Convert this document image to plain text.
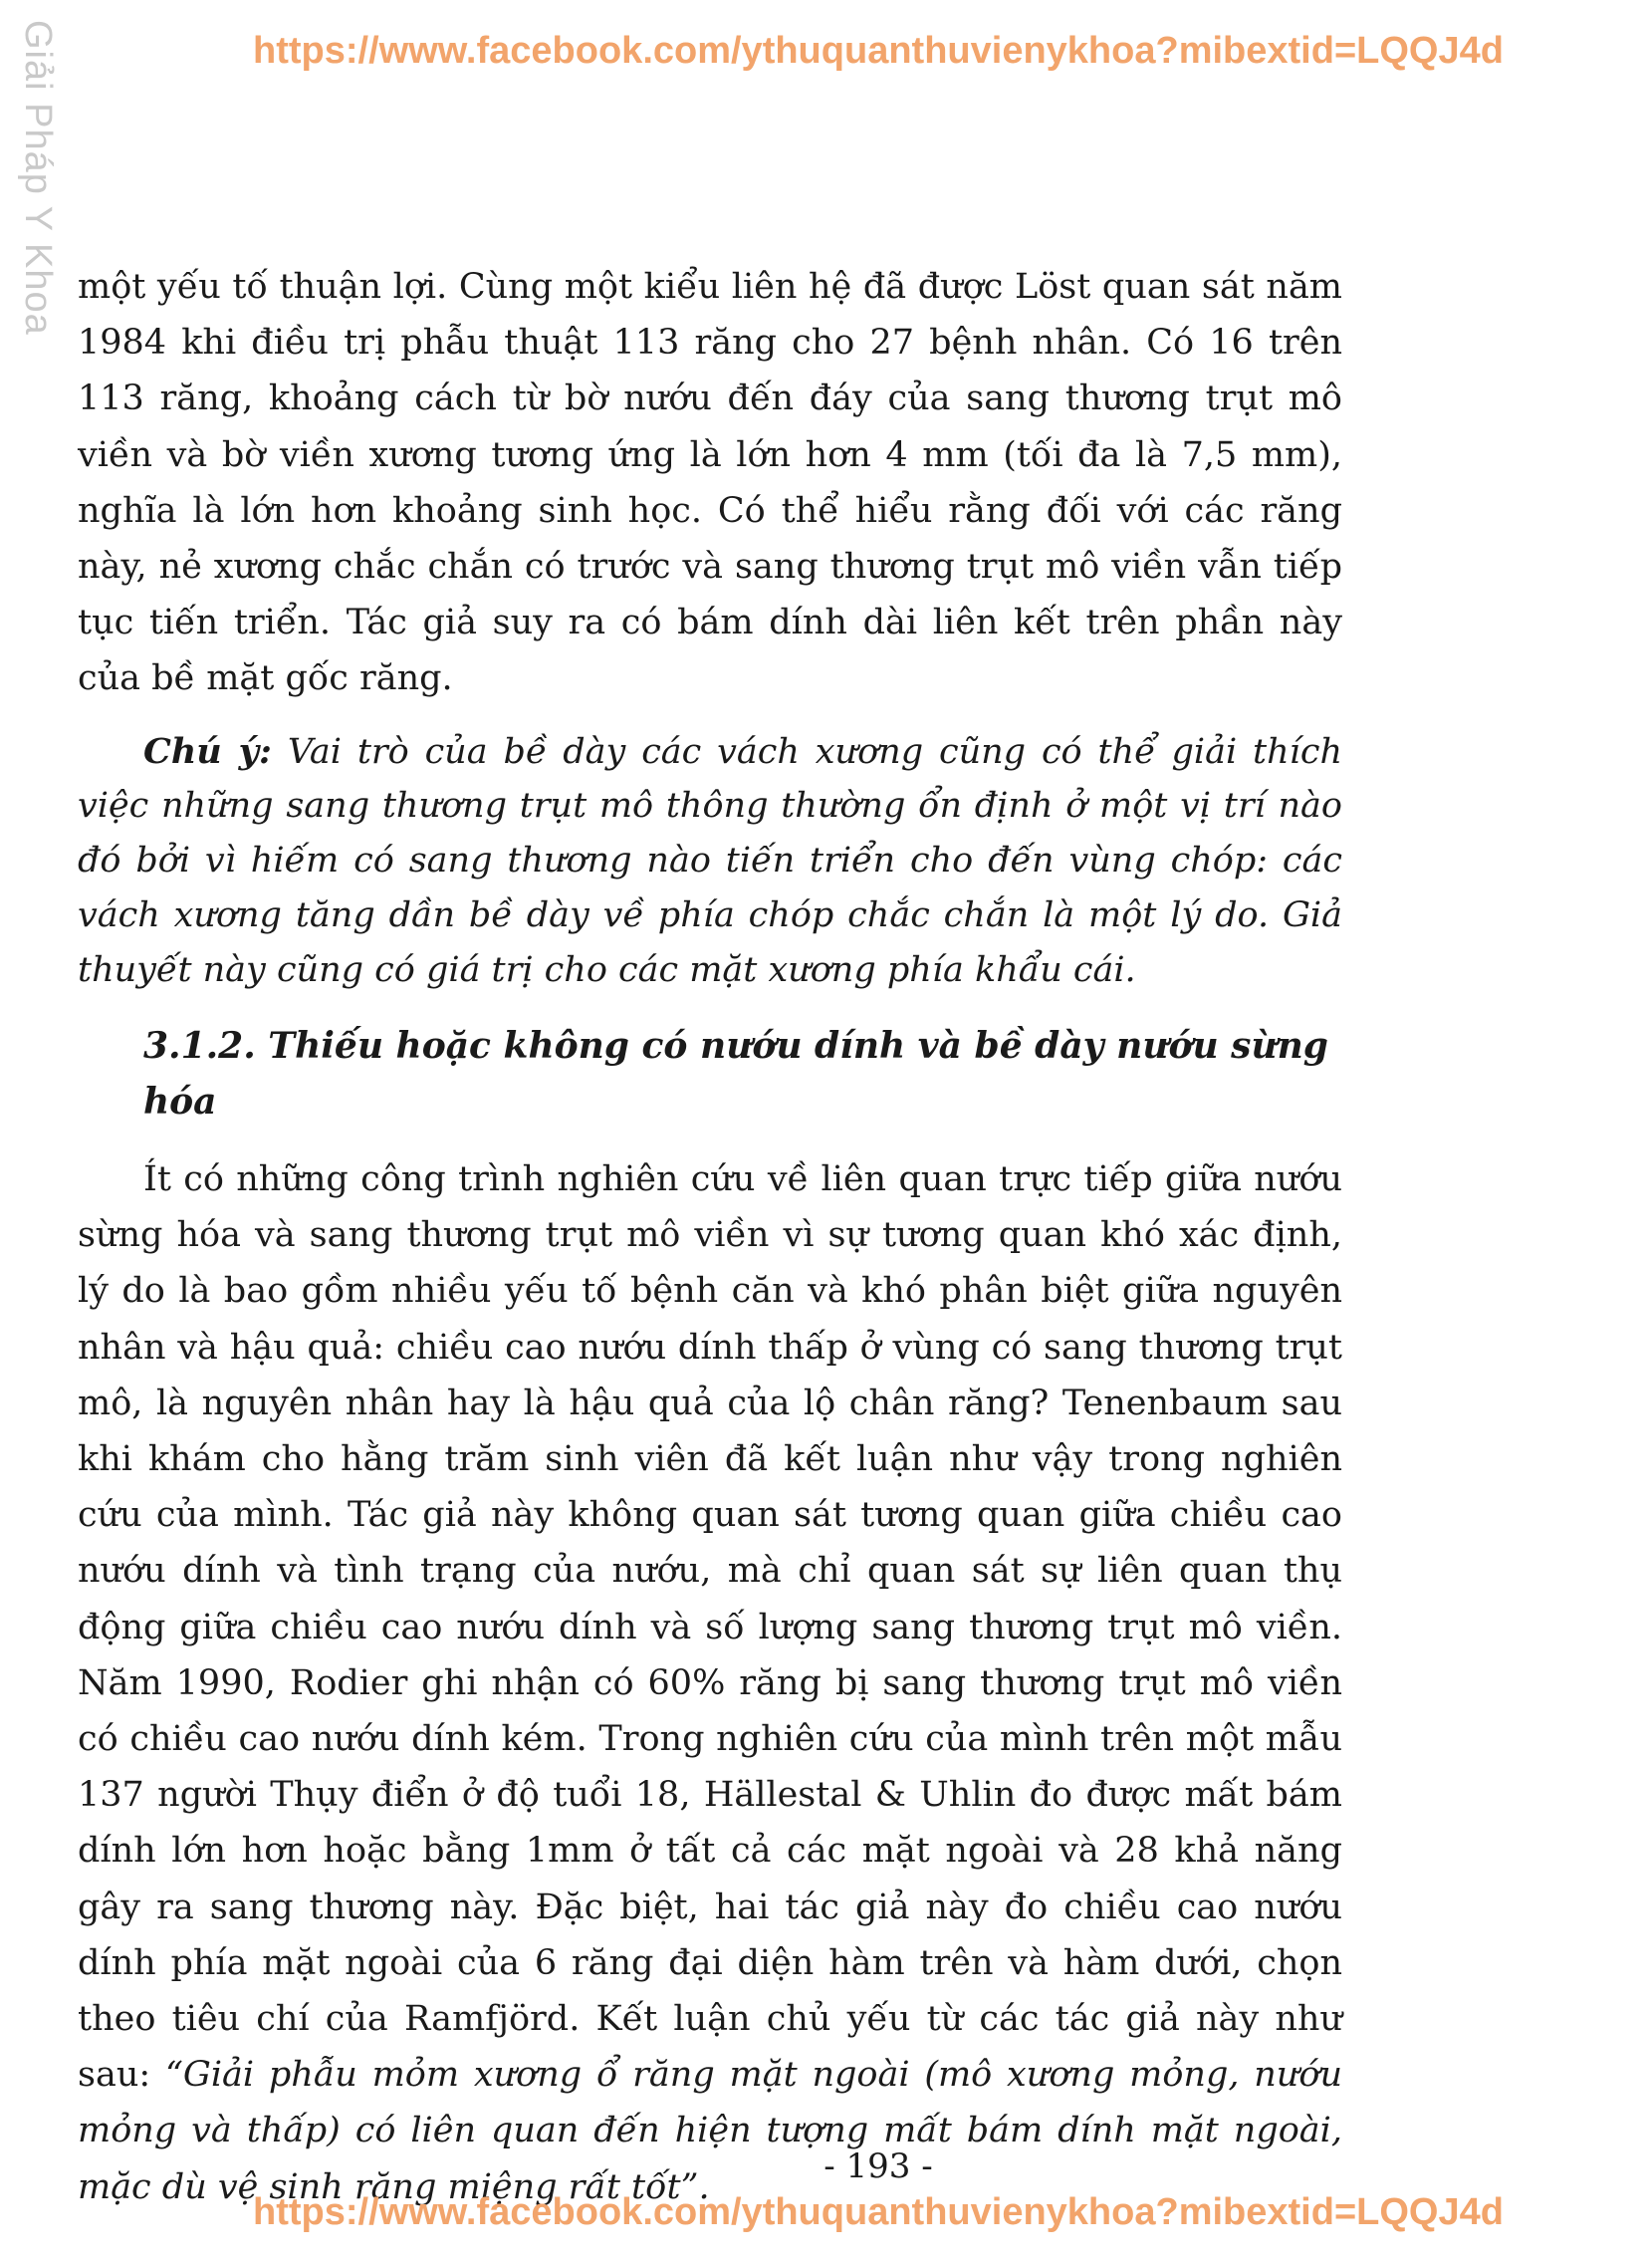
Giải Pháp Y Khoa	https://www.facebook.com/ythuquanthuvienykhoa?mibextid=LQQJ4d

một yếu tố thuận lợi. Cùng một kiểu liên hệ đã được Löst quan sát năm 1984 khi điều trị phẫu thuật 113 răng cho 27 bệnh nhân. Có 16 trên 113 răng, khoảng cách từ bờ nướu đến đáy của sang thương trụt mô viền và bờ viền xương tương ứng là lớn hơn 4 mm (tối đa là 7,5 mm), nghĩa là lớn hơn khoảng sinh học. Có thể hiểu rằng đối với các răng này, nẻ xương chắc chắn có trước và sang thương trụt mô viền vẫn tiếp tục tiến triển. Tác giả suy ra có bám dính dài liên kết trên phần này của bề mặt gốc răng.

Chú ý: Vai trò của bề dày các vách xương cũng có thể giải thích việc những sang thương trụt mô thông thường ổn định ở một vị trí nào đó bởi vì hiếm có sang thương nào tiến triển cho đến vùng chóp: các vách xương tăng dần bề dày về phía chóp chắc chắn là một lý do. Giả thuyết này cũng có giá trị cho các mặt xương phía khẩu cái.

3.1.2. Thiếu hoặc không có nướu dính và bề dày nướu sừng hóa

Ít có những công trình nghiên cứu về liên quan trực tiếp giữa nướu sừng hóa và sang thương trụt mô viền vì sự tương quan khó xác định, lý do là bao gồm nhiều yếu tố bệnh căn và khó phân biệt giữa nguyên nhân và hậu quả: chiều cao nướu dính thấp ở vùng có sang thương trụt mô, là nguyên nhân hay là hậu quả của lộ chân răng? Tenenbaum sau khi khám cho hằng trăm sinh viên đã kết luận như vậy trong nghiên cứu của mình. Tác giả này không quan sát tương quan giữa chiều cao nướu dính và tình trạng của nướu, mà chỉ quan sát sự liên quan thụ động giữa chiều cao nướu dính và số lượng sang thương trụt mô viền. Năm 1990, Rodier ghi nhận có 60% răng bị sang thương trụt mô viền có chiều cao nướu dính kém. Trong nghiên cứu của mình trên một mẫu 137 người Thụy điển ở độ tuổi 18, Hällestal & Uhlin đo được mất bám dính lớn hơn hoặc bằng 1mm ở tất cả các mặt ngoài và 28 khả năng gây ra sang thương này. Đặc biệt, hai tác giả này đo chiều cao nướu dính phía mặt ngoài của 6 răng đại diện hàm trên và hàm dưới, chọn theo tiêu chí của Ramfjörd. Kết luận chủ yếu từ các tác giả này như sau: “Giải phẫu mỏm xương ổ răng mặt ngoài (mô xương mỏng, nướu mỏng và thấp) có liên quan đến hiện tượng mất bám dính mặt ngoài, mặc dù vệ sinh răng miệng rất tốt”.

- 193 -
https://www.facebook.com/ythuquanthuvienykhoa?mibextid=LQQJ4d
